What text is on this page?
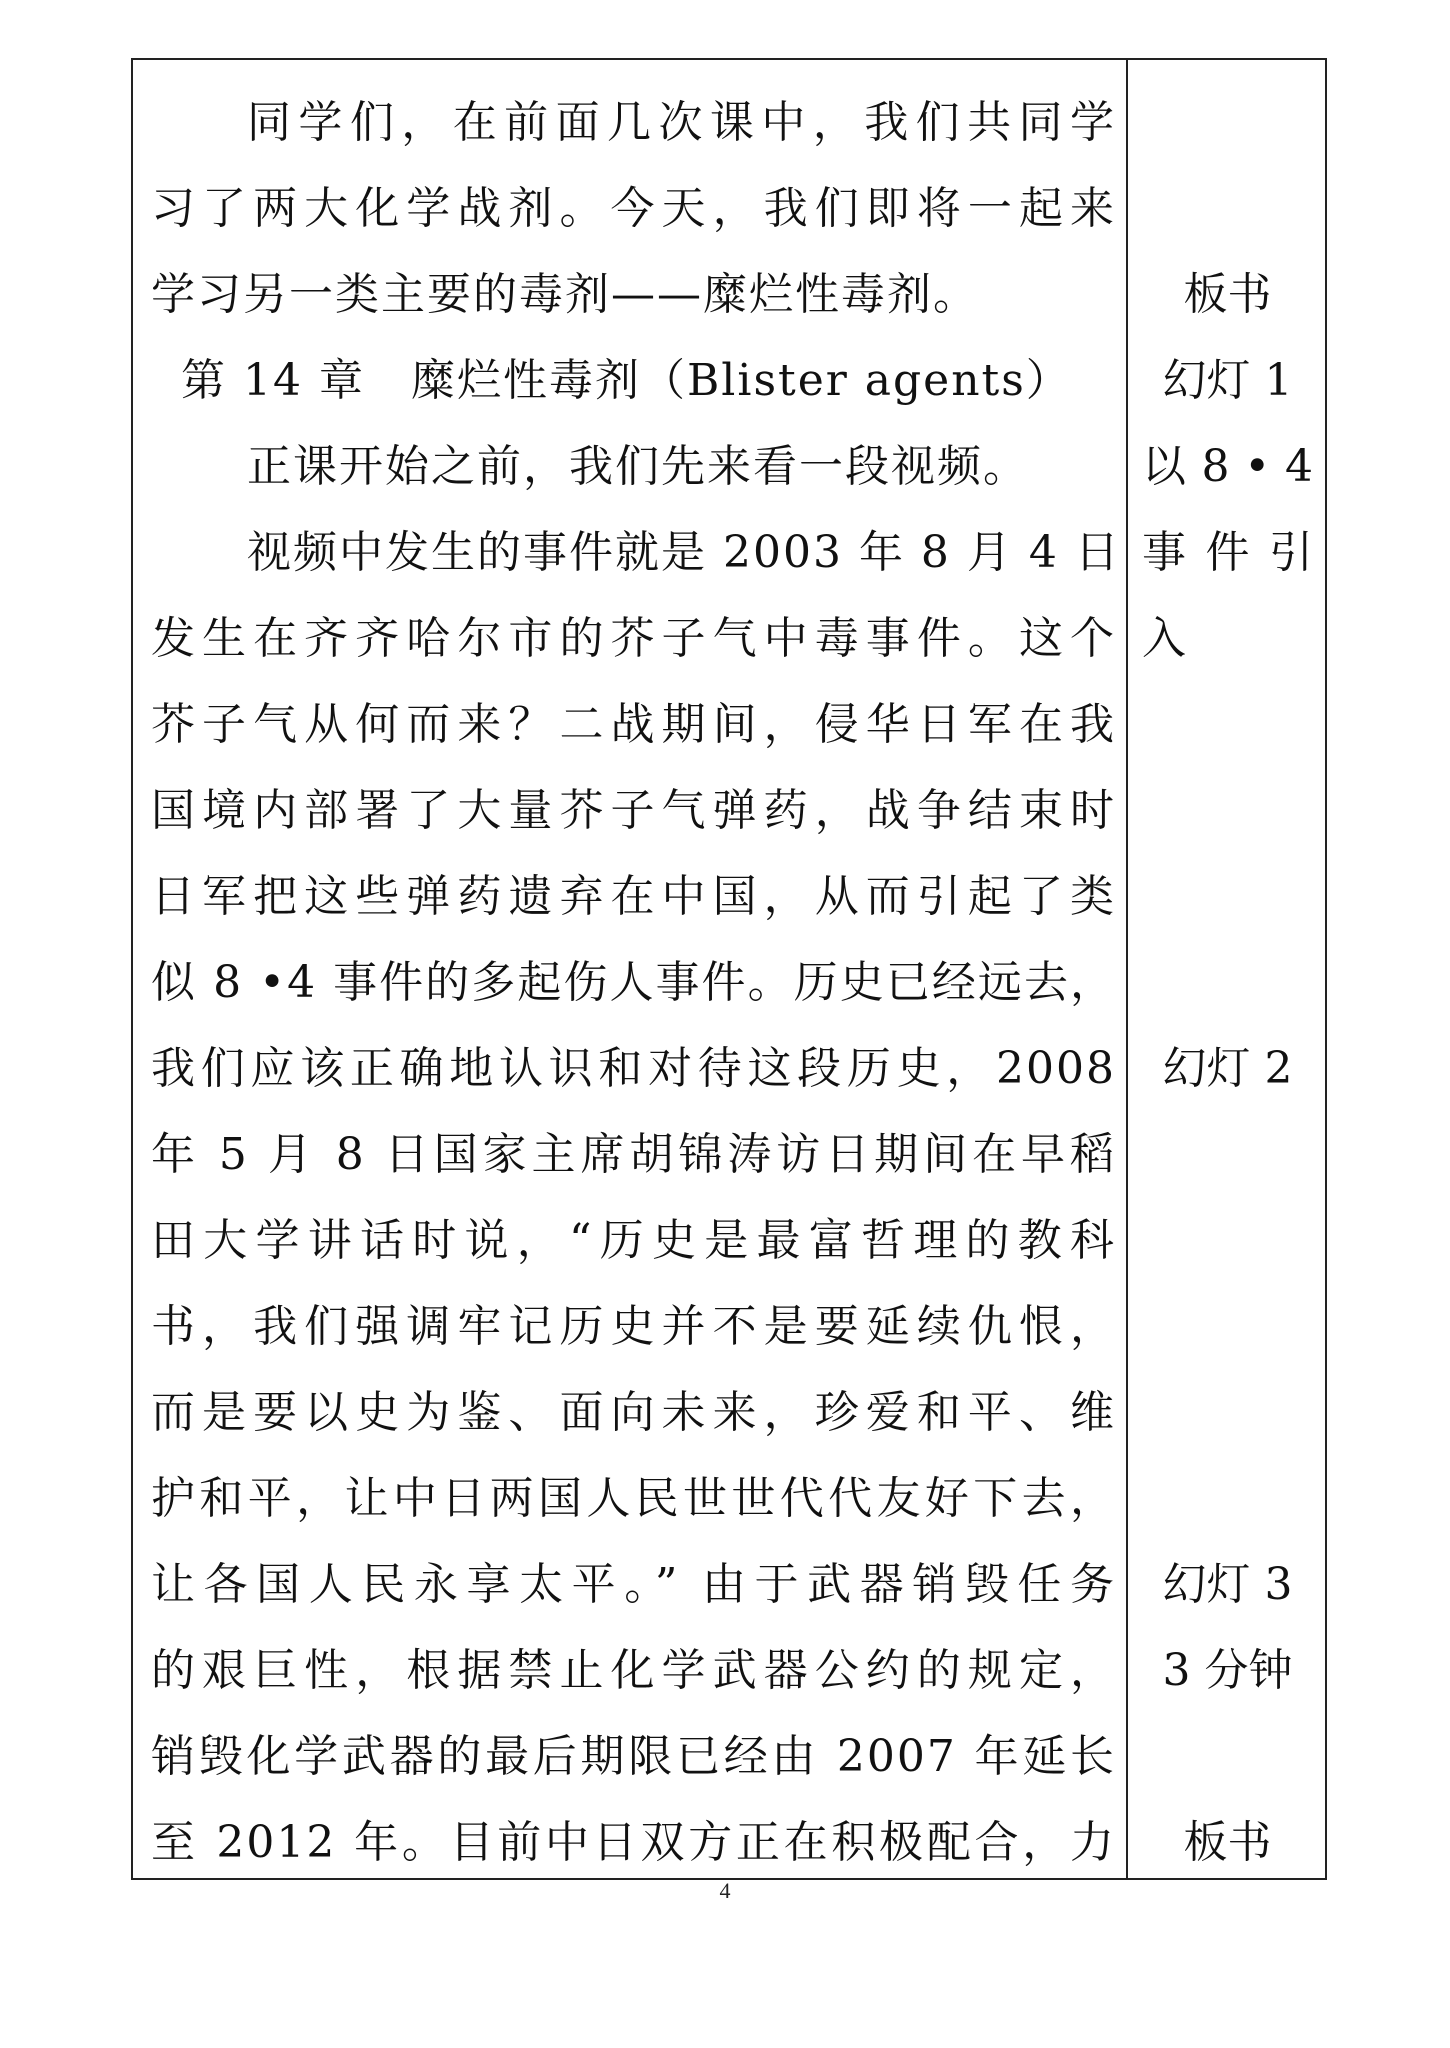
同学们，在前面几次课中，我们共同学
习了两大化学战剂。今天，我们即将一起来
学习另一类主要的毒剂——糜烂性毒剂。
第 14 章　糜烂性毒剂（Blister agents）
正课开始之前，我们先来看一段视频。
视频中发生的事件就是 2003 年 8 月 4 日
发生在齐齐哈尔市的芥子气中毒事件。这个
芥子气从何而来？二战期间，侵华日军在我
国境内部署了大量芥子气弹药，战争结束时
日军把这些弹药遗弃在中国，从而引起了类
似 8 •4 事件的多起伤人事件。历史已经远去，
我们应该正确地认识和对待这段历史，2008
年 5 月 8 日国家主席胡锦涛访日期间在早稻
田大学讲话时说，“历史是最富哲理的教科
书，我们强调牢记历史并不是要延续仇恨，
而是要以史为鉴、面向未来，珍爱和平、维
护和平，让中日两国人民世世代代友好下去，
让各国人民永享太平。” 由于武器销毁任务
的艰巨性，根据禁止化学武器公约的规定，
销毁化学武器的最后期限已经由 2007 年延长
至 2012 年。目前中日双方正在积极配合，力
板书
幻灯 1
以 8 • 4
事 件 引
入
幻灯 2
幻灯 3
3 分钟
板书
4
